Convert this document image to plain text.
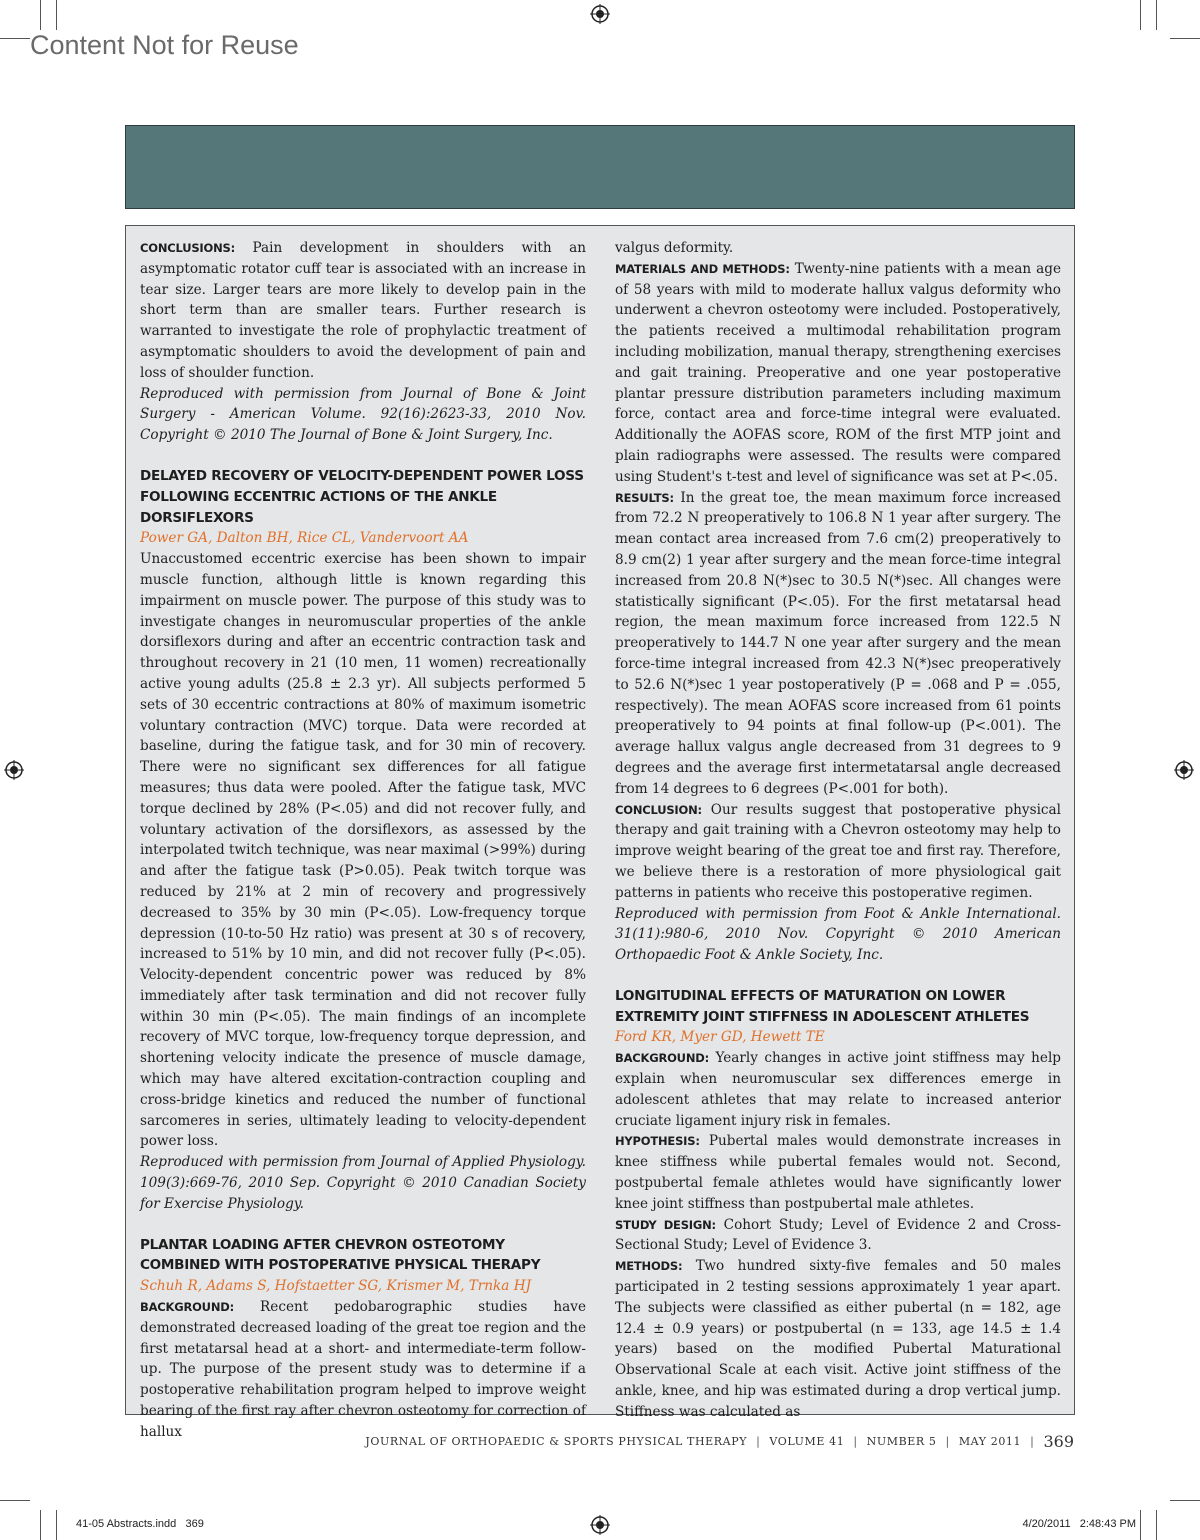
Content Not for Reuse

CONCLUSIONS: Pain development in shoulders with an asymptomatic rotator cuff tear is associated with an increase in tear size. Larger tears are more likely to develop pain in the short term than are smaller tears. Further research is warranted to investigate the role of prophylactic treatment of asymptomatic shoulders to avoid the development of pain and loss of shoulder function.

Reproduced with permission from Journal of Bone & Joint Surgery - American Volume. 92(16):2623-33, 2010 Nov. Copyright © 2010 The Journal of Bone & Joint Surgery, Inc.

DELAYED RECOVERY OF VELOCITY-DEPENDENT POWER LOSS FOLLOWING ECCENTRIC ACTIONS OF THE ANKLE DORSIFLEXORS

Power GA, Dalton BH, Rice CL, Vandervoort AA

Unaccustomed eccentric exercise has been shown to impair muscle function, although little is known regarding this impairment on muscle power. The purpose of this study was to investigate changes in neuromuscular properties of the ankle dorsiflexors during and after an eccentric contraction task and throughout recovery in 21 (10 men, 11 women) recreationally active young adults (25.8 ± 2.3 yr). All subjects performed 5 sets of 30 eccentric contractions at 80% of maximum isometric voluntary contraction (MVC) torque. Data were recorded at baseline, during the fatigue task, and for 30 min of recovery. There were no significant sex differences for all fatigue measures; thus data were pooled. After the fatigue task, MVC torque declined by 28% (P<.05) and did not recover fully, and voluntary activation of the dorsiflexors, as assessed by the interpolated twitch technique, was near maximal (>99%) during and after the fatigue task (P>0.05). Peak twitch torque was reduced by 21% at 2 min of recovery and progressively decreased to 35% by 30 min (P<.05). Low-frequency torque depression (10-to-50 Hz ratio) was present at 30 s of recovery, increased to 51% by 10 min, and did not recover fully (P<.05). Velocity-dependent concentric power was reduced by 8% immediately after task termination and did not recover fully within 30 min (P<.05). The main findings of an incomplete recovery of MVC torque, low-frequency torque depression, and shortening velocity indicate the presence of muscle damage, which may have altered excitation-contraction coupling and cross-bridge kinetics and reduced the number of functional sarcomeres in series, ultimately leading to velocity-dependent power loss.

Reproduced with permission from Journal of Applied Physiology. 109(3):669-76, 2010 Sep. Copyright © 2010 Canadian Society for Exercise Physiology.

PLANTAR LOADING AFTER CHEVRON OSTEOTOMY COMBINED WITH POSTOPERATIVE PHYSICAL THERAPY

Schuh R, Adams S, Hofstaetter SG, Krismer M, Trnka HJ

BACKGROUND: Recent pedobarographic studies have demonstrated decreased loading of the great toe region and the first metatarsal head at a short- and intermediate-term follow-up. The purpose of the present study was to determine if a postoperative rehabilitation program helped to improve weight bearing of the first ray after chevron osteotomy for correction of hallux

valgus deformity.

MATERIALS AND METHODS: Twenty-nine patients with a mean age of 58 years with mild to moderate hallux valgus deformity who underwent a chevron osteotomy were included. Postoperatively, the patients received a multimodal rehabilitation program including mobilization, manual therapy, strengthening exercises and gait training. Preoperative and one year postoperative plantar pressure distribution parameters including maximum force, contact area and force-time integral were evaluated. Additionally the AOFAS score, ROM of the first MTP joint and plain radiographs were assessed. The results were compared using Student's t-test and level of significance was set at P<.05.

RESULTS: In the great toe, the mean maximum force increased from 72.2 N preoperatively to 106.8 N 1 year after surgery. The mean contact area increased from 7.6 cm(2) preoperatively to 8.9 cm(2) 1 year after surgery and the mean force-time integral increased from 20.8 N(*)sec to 30.5 N(*)sec. All changes were statistically significant (P<.05). For the first metatarsal head region, the mean maximum force increased from 122.5 N preoperatively to 144.7 N one year after surgery and the mean force-time integral increased from 42.3 N(*)sec preoperatively to 52.6 N(*)sec 1 year postoperatively (P = .068 and P = .055, respectively). The mean AOFAS score increased from 61 points preoperatively to 94 points at final follow-up (P<.001). The average hallux valgus angle decreased from 31 degrees to 9 degrees and the average first intermetatarsal angle decreased from 14 degrees to 6 degrees (P<.001 for both).

CONCLUSION: Our results suggest that postoperative physical therapy and gait training with a Chevron osteotomy may help to improve weight bearing of the great toe and first ray. Therefore, we believe there is a restoration of more physiological gait patterns in patients who receive this postoperative regimen.

Reproduced with permission from Foot & Ankle International. 31(11):980-6, 2010 Nov. Copyright © 2010 American Orthopaedic Foot & Ankle Society, Inc.

LONGITUDINAL EFFECTS OF MATURATION ON LOWER EXTREMITY JOINT STIFFNESS IN ADOLESCENT ATHLETES

Ford KR, Myer GD, Hewett TE

BACKGROUND: Yearly changes in active joint stiffness may help explain when neuromuscular sex differences emerge in adolescent athletes that may relate to increased anterior cruciate ligament injury risk in females.

HYPOTHESIS: Pubertal males would demonstrate increases in knee stiffness while pubertal females would not. Second, postpubertal female athletes would have significantly lower knee joint stiffness than postpubertal male athletes.

STUDY DESIGN: Cohort Study; Level of Evidence 2 and Cross-Sectional Study; Level of Evidence 3.

METHODS: Two hundred sixty-five females and 50 males participated in 2 testing sessions approximately 1 year apart. The subjects were classified as either pubertal (n = 182, age 12.4 ± 0.9 years) or postpubertal (n = 133, age 14.5 ± 1.4 years) based on the modified Pubertal Maturational Observational Scale at each visit. Active joint stiffness of the ankle, knee, and hip was estimated during a drop vertical jump. Stiffness was calculated as

JOURNAL OF ORTHOPAEDIC & SPORTS PHYSICAL THERAPY | VOLUME 41 | NUMBER 5 | MAY 2011 | 369
41-05 Abstracts.indd   369	4/20/2011   2:48:43 PM
